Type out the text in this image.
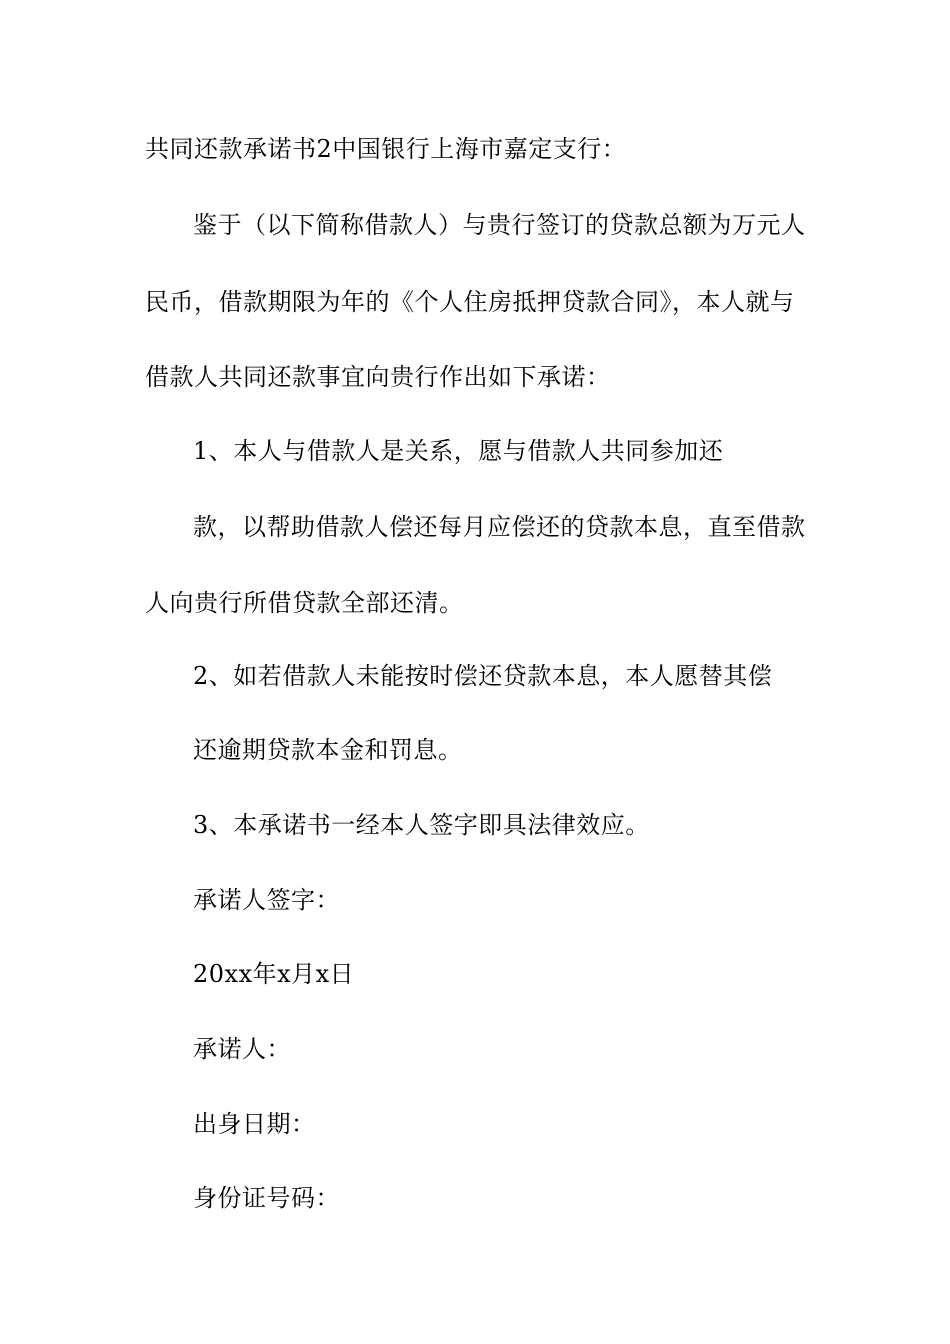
共同还款承诺书2中国银行上海市嘉定支行：
鉴于（以下简称借款人）与贵行签订的贷款总额为万元人
民币，借款期限为年的《个人住房抵押贷款合同》，本人就与
借款人共同还款事宜向贵行作出如下承诺：
1、本人与借款人是关系，愿与借款人共同参加还
款，以帮助借款人偿还每月应偿还的贷款本息，直至借款
人向贵行所借贷款全部还清。
2、如若借款人未能按时偿还贷款本息，本人愿替其偿
还逾期贷款本金和罚息。
3、本承诺书一经本人签字即具法律效应。
承诺人签字：
20xx年x月x日
承诺人：
出身日期：
身份证号码：
